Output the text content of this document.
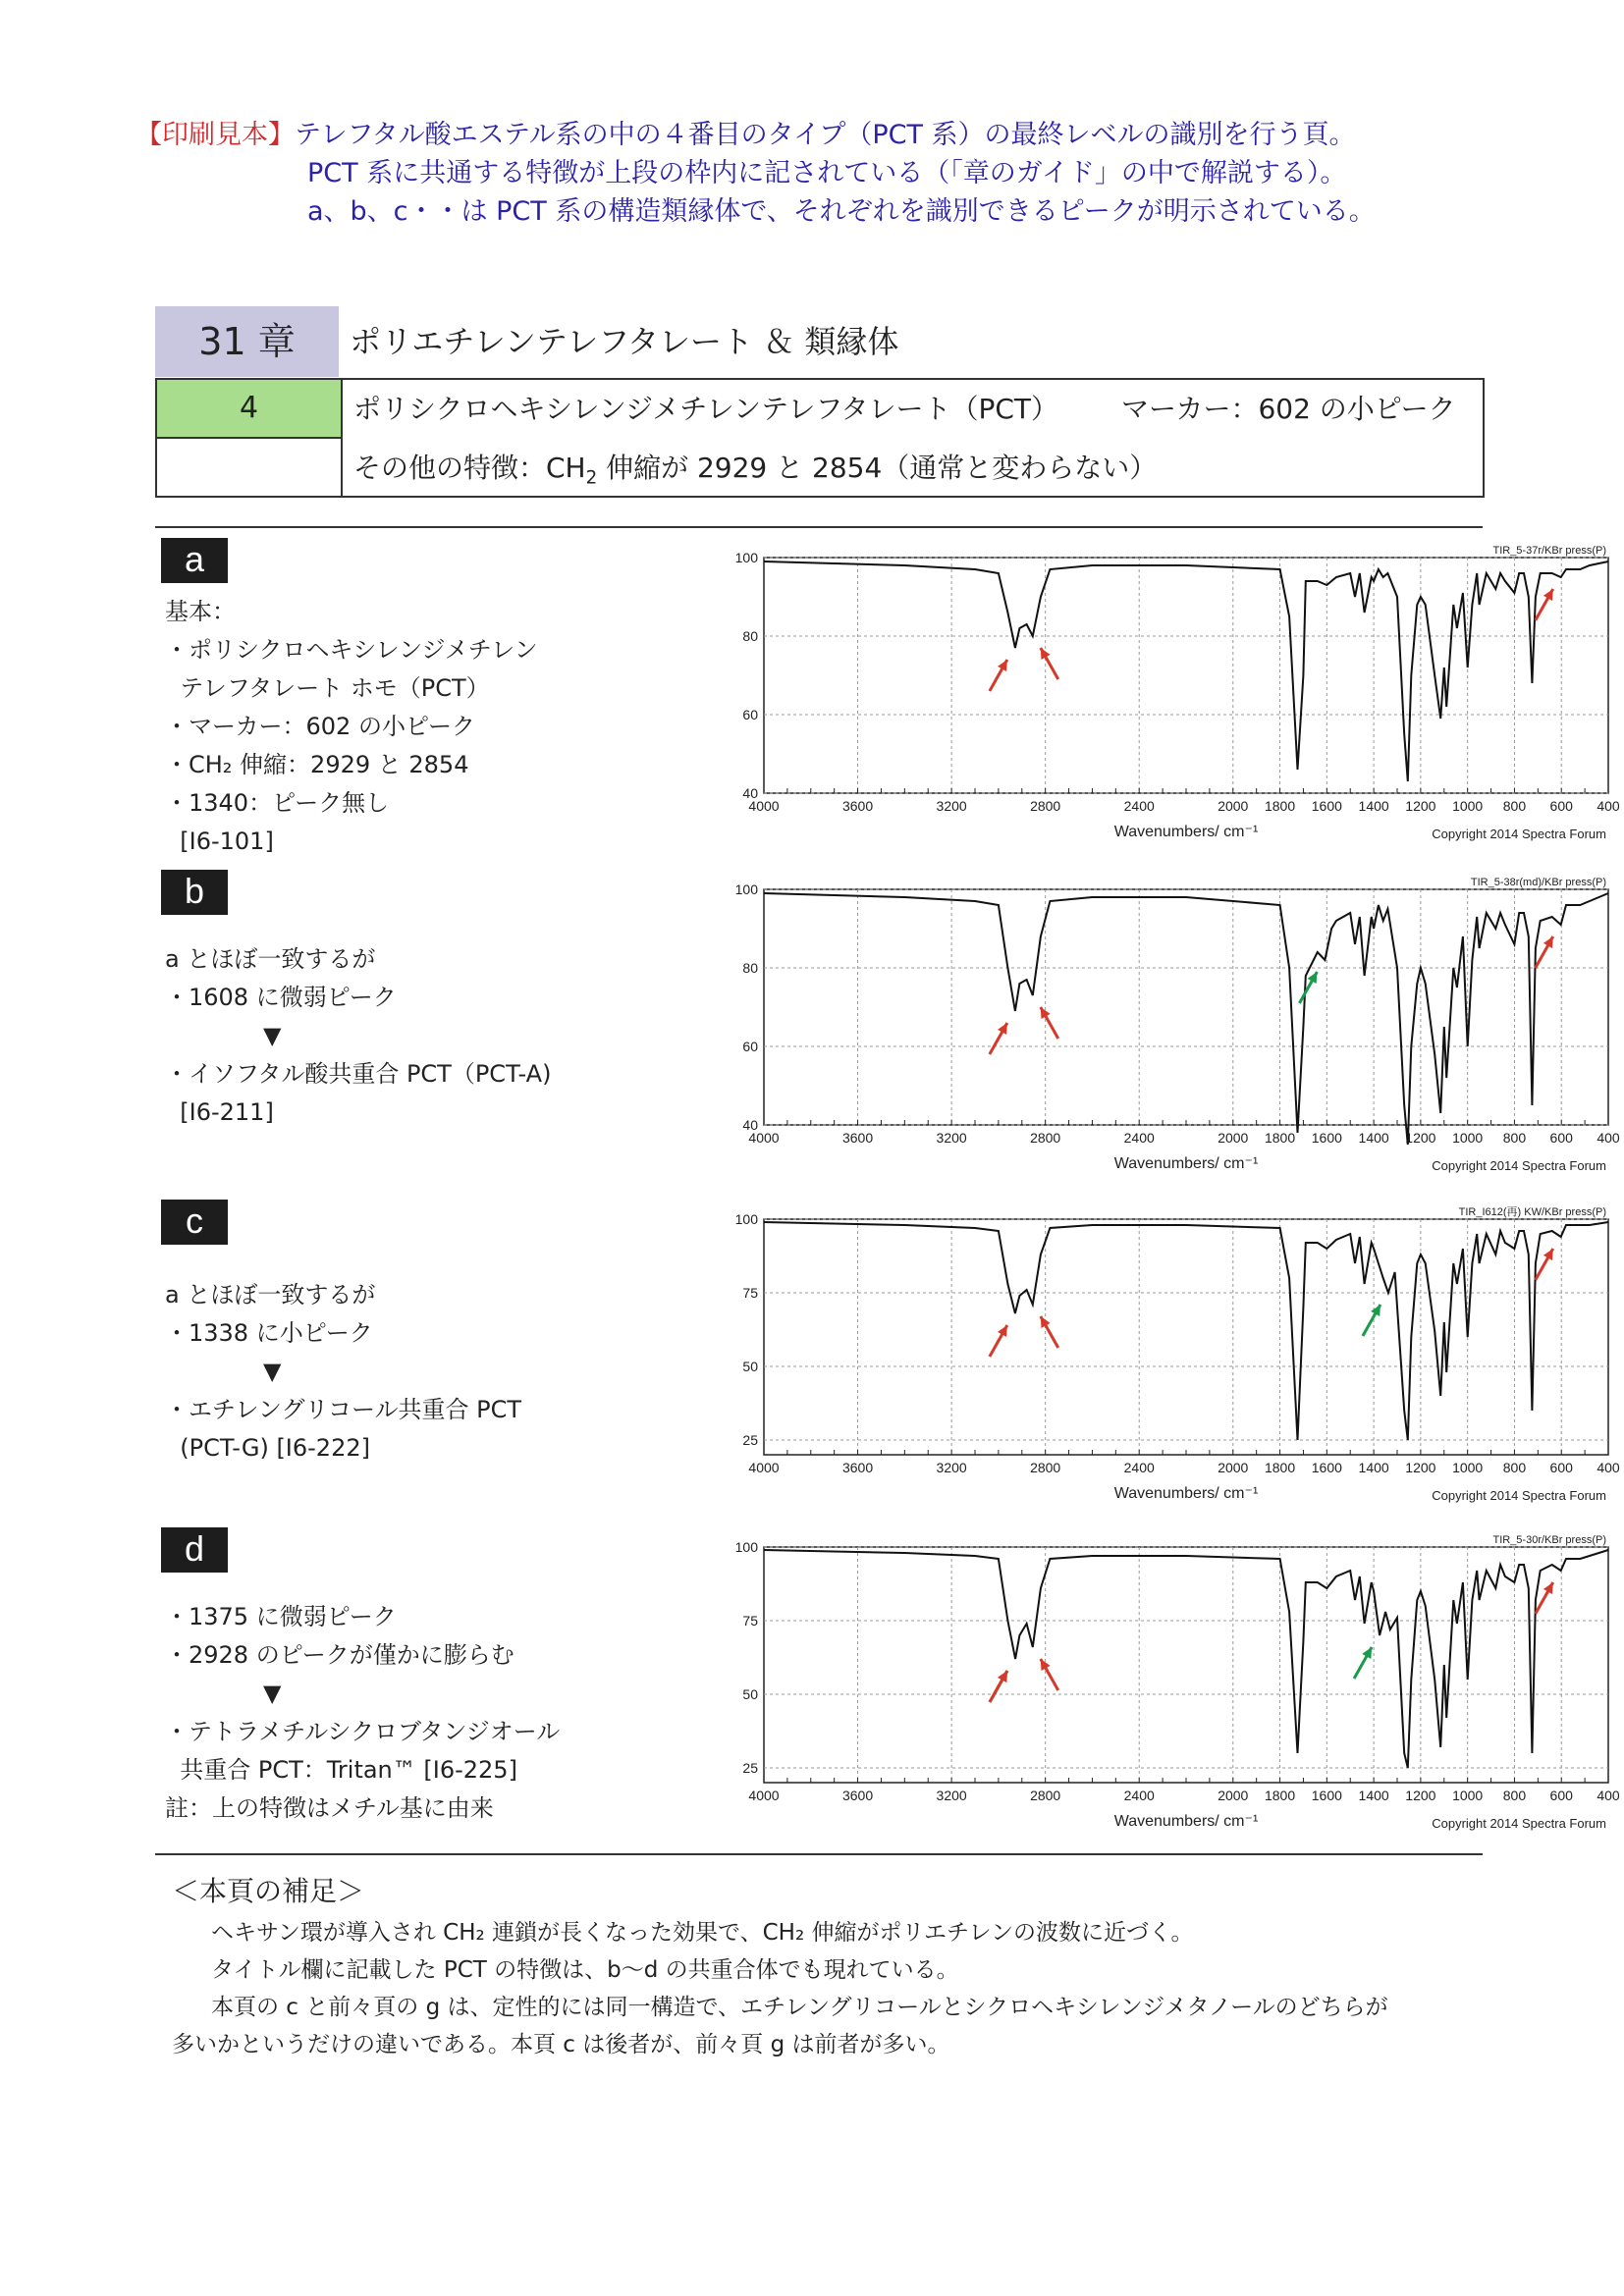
【印刷見本】テレフタル酸エステル系の中の４番目のタイプ（PCT 系）の最終レベルの識別を行う頁。
PCT 系に共通する特徴が上段の枠内に記されている（「章のガイド」の中で解説する）。
a、b、c・・は PCT 系の構造類縁体で、それぞれを識別できるピークが明示されている。
31 章	ポリエチレンテレフタレート ＆ 類縁体
4	ポリシクロヘキシレンジメチレンテレフタレート（PCT） マーカー：602 の小ピーク
その他の特徴：$CH_2$ 伸縮が 2929 と 2854（通常と変わらない）
a
基本：
・ポリシクロヘキシレンジメチレン
テレフタレート ホモ（PCT）
・マーカー：602 の小ピーク
・CH₂ 伸縮：2929 と 2854
・1340：ピーク無し
[I6-101]
4000	3600	3200	2800	2400	2000 1800 1600 1400 1200 1000 800 600 400
40
60
80
100
Wavenumbers/ cm⁻¹	Copyright 2014 Spectra Forum
TIR_5-37r/KBr press(P)
b
a とほぼ一致するが
・1608 に微弱ピーク
▼
・イソフタル酸共重合 PCT（PCT-A)
[I6-211]
4000	3600	3200	2800	2400	2000 1800 1600 1400 1200 1000 800 600 400
40
60
80
100
Wavenumbers/ cm⁻¹	Copyright 2014 Spectra Forum
TIR_5-38r(md)/KBr press(P)
c
a とほぼ一致するが
・1338 に小ピーク
▼
・エチレングリコール共重合 PCT
(PCT-G) [I6-222]
4000	3600	3200	2800	2400	2000 1800 1600 1400 1200 1000 800 600 400
25
50
75
100
Wavenumbers/ cm⁻¹	Copyright 2014 Spectra Forum
TIR_I612(再) KW/KBr press(P)
d
・1375 に微弱ピーク
・2928 のピークが僅かに膨らむ
▼
・テトラメチルシクロブタンジオール
共重合 PCT：Tritan™ [I6-225]
註：上の特徴はメチル基に由来	4000	3600	3200	2800	2400	2000 1800 1600 1400 1200 1000 800 600 400
25
50
75
100
Wavenumbers/ cm⁻¹	Copyright 2014 Spectra Forum
TIR_5-30r/KBr press(P)
＜本頁の補足＞
ヘキサン環が導入され CH₂ 連鎖が長くなった効果で、CH₂ 伸縮がポリエチレンの波数に近づく。
タイトル欄に記載した PCT の特徴は、b～d の共重合体でも現れている。
本頁の c と前々頁の g は、定性的には同一構造で、エチレングリコールとシクロヘキシレンジメタノールのどちらが
多いかというだけの違いである。本頁 c は後者が、前々頁 g は前者が多い。
